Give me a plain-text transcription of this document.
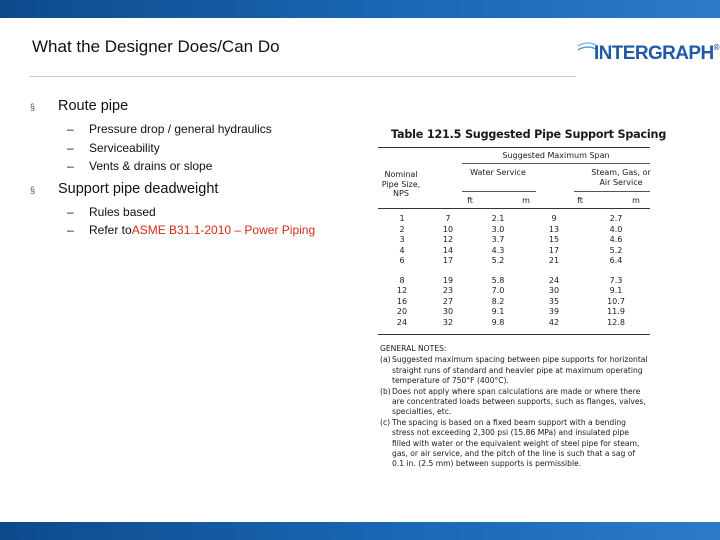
What the Designer Does/Can Do	INTERGRAPH®
§	Route pipe
–	Pressure drop / general hydraulics
–	Serviceability
–	Vents & drains or slope
§	Support pipe deadweight
–	Rules based
–	Refer to ASME B31.1-2010 – Power Piping
Table 121.5 Suggested Pipe Support Spacing
Suggested Maximum Span
Nominal Pipe Size, NPS
Water Service	Steam, Gas, or Air Service
ft	m	ft	m
1	7	2.1	9	2.7
2	10	3.0	13	4.0
3	12	3.7	15	4.6
4	14	4.3	17	5.2
6	17	5.2	21	6.4

8	19	5.8	24	7.3
12	23	7.0	30	9.1
16	27	8.2	35	10.7
20	30	9.1	39	11.9
24	32	9.8	42	12.8
GENERAL NOTES:
(a) Suggested maximum spacing between pipe supports for horizontal straight runs of standard and heavier pipe at maximum operating temperature of 750°F (400°C).
(b) Does not apply where span calculations are made or where there are concentrated loads between supports, such as flanges, valves, specialties, etc.
(c) The spacing is based on a fixed beam support with a bending stress not exceeding 2,300 psi (15.86 MPa) and insulated pipe filled with water or the equivalent weight of steel pipe for steam, gas, or air service, and the pitch of the line is such that a sag of 0.1 in. (2.5 mm) between supports is permissible.
